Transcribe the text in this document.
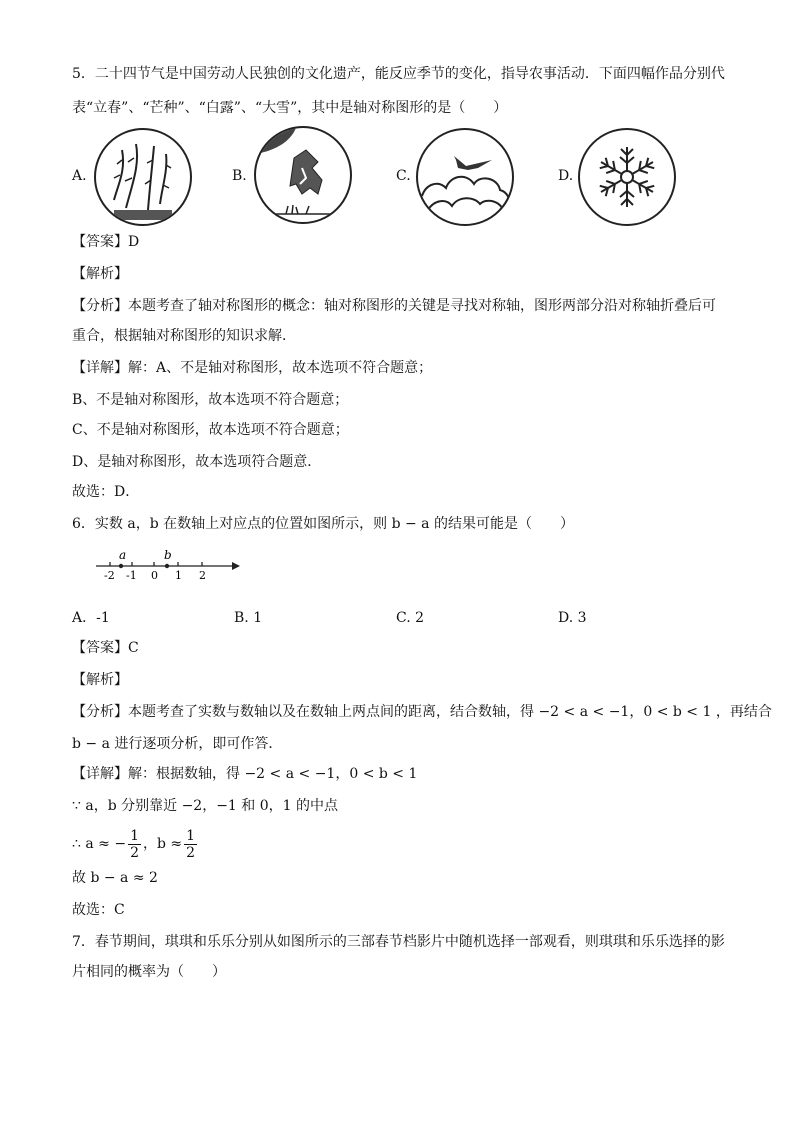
5．二十四节气是中国劳动人民独创的文化遗产，能反应季节的变化，指导农事活动．下面四幅作品分别代
表“立春”、“芒种”、“白露”、“大雪”，其中是轴对称图形的是（　　）
A.	B.	C.	D.
【答案】D
【解析】
【分析】本题考查了轴对称图形的概念：轴对称图形的关键是寻找对称轴，图形两部分沿对称轴折叠后可
重合，根据轴对称图形的知识求解．
【详解】解：A、不是轴对称图形，故本选项不符合题意；
B、不是轴对称图形，故本选项不符合题意；
C、不是轴对称图形，故本选项不符合题意；
D、是轴对称图形，故本选项符合题意．
故选：D．
6．实数 a，b 在数轴上对应点的位置如图所示，则 b − a 的结果可能是（　　）
a	b
-2 -1 0 1 2
A．-1	B. 1	C. 2	D. 3
【答案】C
【解析】
【分析】本题考查了实数与数轴以及在数轴上两点间的距离，结合数轴，得 −2 < a < −1，0 < b < 1 ，再结合
b − a 进行逐项分析，即可作答．
【详解】解：根据数轴，得 −2 < a < −1，0 < b < 1
∵ a，b 分别靠近 −2，−1 和 0，1 的中点
∴ a ≈ − $\frac{1}{2}$ ，$b \approx \frac{1}{2}$
故 b − a ≈ 2
故选：C
7．春节期间，琪琪和乐乐分别从如图所示的三部春节档影片中随机选择一部观看，则琪琪和乐乐选择的影
片相同的概率为（　　）
